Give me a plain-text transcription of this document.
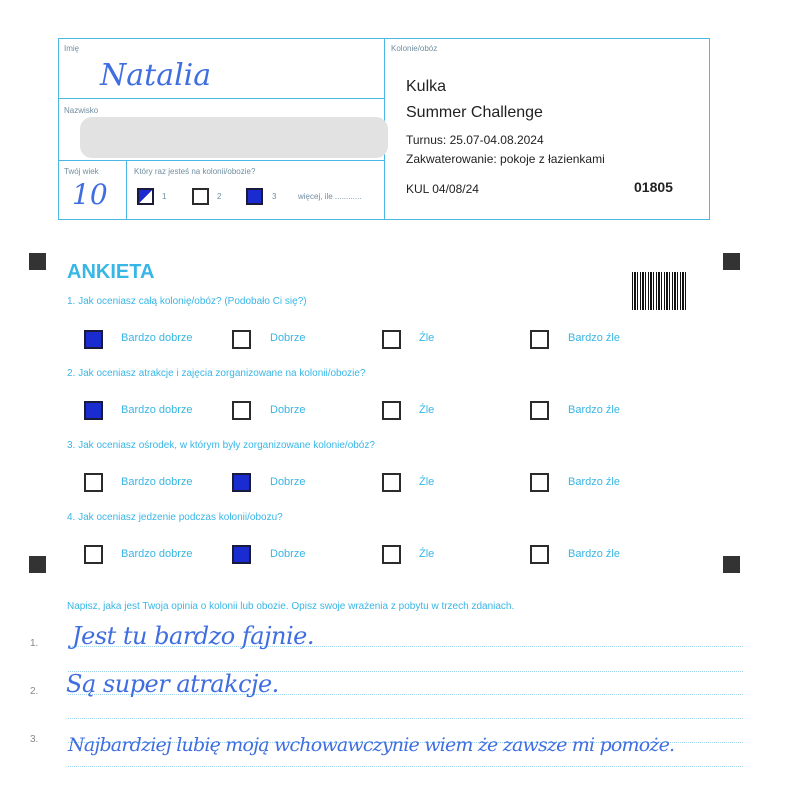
Imię
Natalia
Nazwisko
Twój wiek
10
Który raz jesteś na kolonii/obozie?
1	2	3	więcej, ile ............
Kolonie/obóz
Kulka
Summer Challenge
Turnus: 25.07-04.08.2024
Zakwaterowanie: pokoje z łazienkami
KUL 04/08/24	01805
ANKIETA
1. Jak oceniasz całą kolonię/obóz? (Podobało Ci się?)
Bardzo dobrze	Dobrze	Źle	Bardzo źle
2. Jak oceniasz atrakcje i zajęcia zorganizowane na kolonii/obozie?
Bardzo dobrze	Dobrze	Źle	Bardzo źle
3. Jak oceniasz ośrodek, w którym były zorganizowane kolonie/obóz?
Bardzo dobrze	Dobrze	Źle	Bardzo źle
4. Jak oceniasz jedzenie podczas kolonii/obozu?
Bardzo dobrze	Dobrze	Źle	Bardzo źle
Napisz, jaka jest Twoja opinia o kolonii lub obozie. Opisz swoje wrażenia z pobytu w trzech zdaniach.
1. Jest tu bardzo fajnie.
2. Są super atrakcje.
3. Najbardziej lubię moją wchowawczynie wiem że zawsze mi pomoże.
